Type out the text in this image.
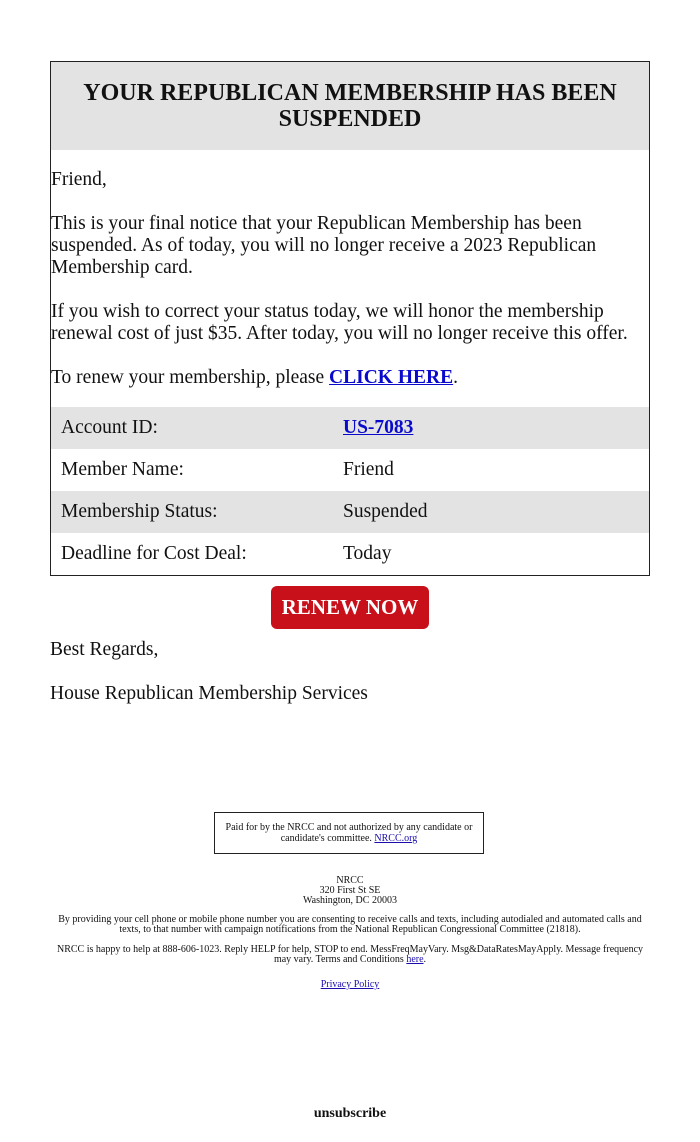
YOUR REPUBLICAN MEMBERSHIP HAS BEEN SUSPENDED

Friend,

This is your final notice that your Republican Membership has been suspended. As of today, you will no longer receive a 2023 Republican Membership card.

If you wish to correct your status today, we will honor the membership renewal cost of just $35. After today, you will no longer receive this offer.

To renew your membership, please CLICK HERE.

Account ID:	US-7083
Member Name:	Friend
Membership Status:	Suspended
Deadline for Cost Deal:	Today
RENEW NOW

Best Regards,

House Republican Membership Services

Paid for by the NRCC and not authorized by any candidate or candidate's committee. NRCC.org

NRCC

320 First St SE

Washington, DC 20003

By providing your cell phone or mobile phone number you are consenting to receive calls and texts, including autodialed and automated calls and texts, to that number with campaign notifications from the National Republican Congressional Committee (21818).

NRCC is happy to help at 888-606-1023. Reply HELP for help, STOP to end. MessFreqMayVary. Msg&DataRatesMayApply. Message frequency may vary. Terms and Conditions here.

Privacy Policy
unsubscribe
